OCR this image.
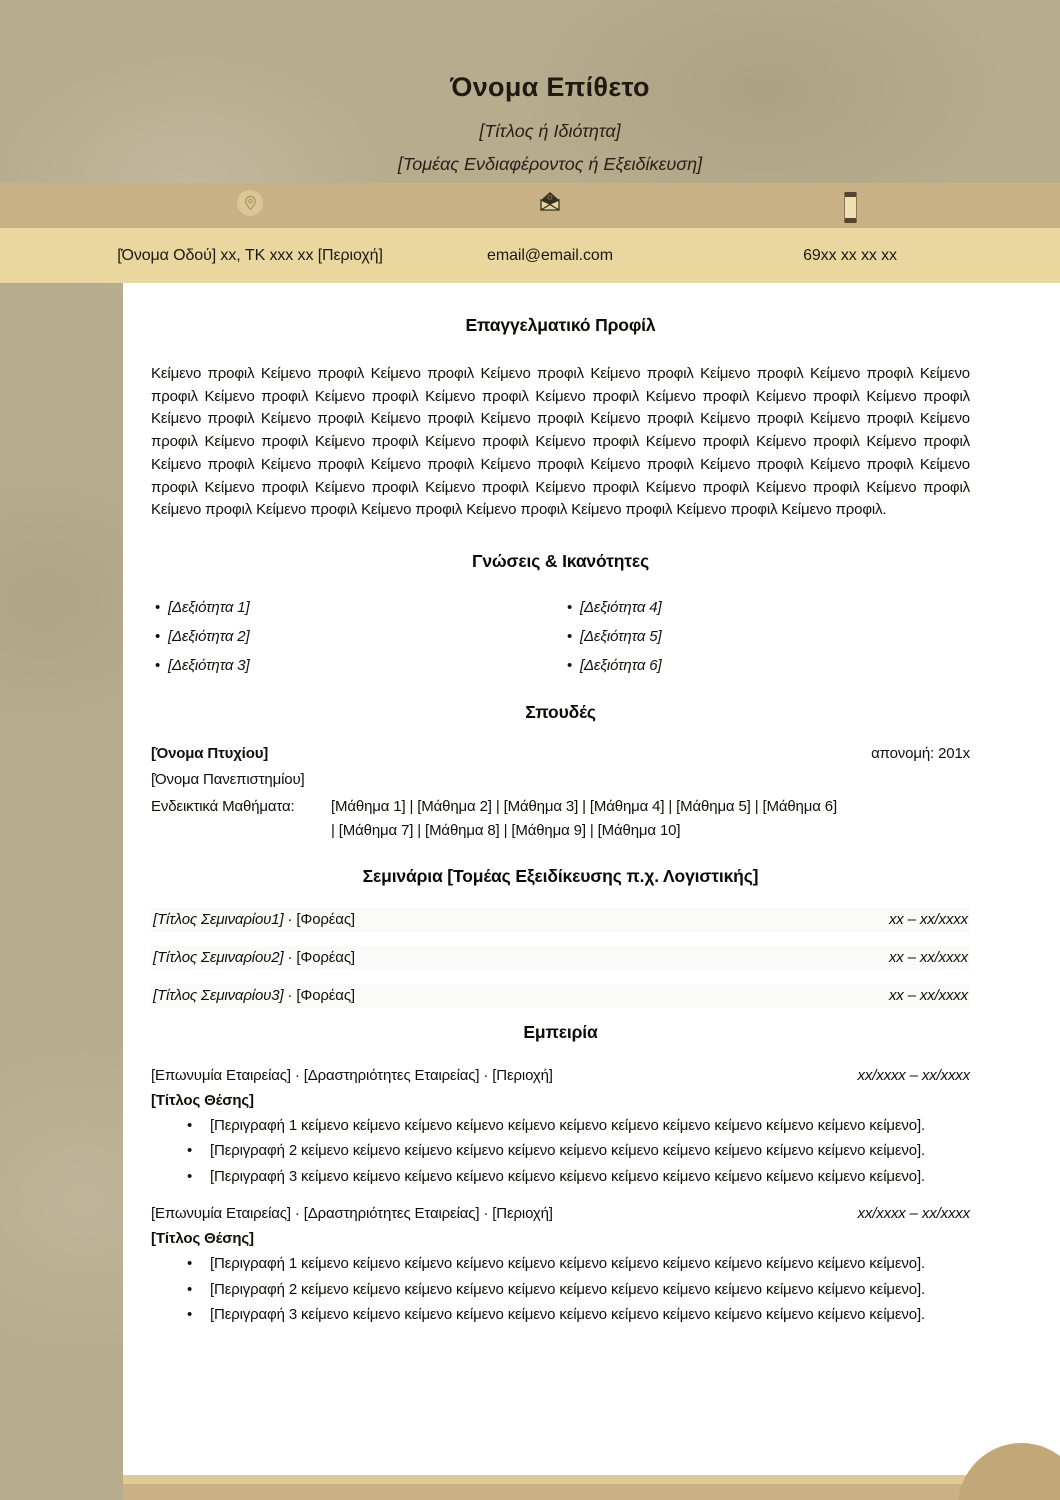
Όνομα Επίθετο

[Τίτλος ή Ιδιότητα]

[Τομέας Ενδιαφέροντος ή Εξειδίκευση]

[Όνομα Οδού] xx, ΤΚ xxx xx [Περιοχή]	email@email.com	69xx xx xx xx
Επαγγελματικό Προφίλ

Κείμενο προφιλ Κείμενο προφιλ Κείμενο προφιλ Κείμενο προφιλ Κείμενο προφιλ Κείμενο προφιλ Κείμενο προφιλ Κείμενο προφιλ Κείμενο προφιλ Κείμενο προφιλ Κείμενο προφιλ Κείμενο προφιλ Κείμενο προφιλ Κείμενο προφιλ Κείμενο προφιλ Κείμενο προφιλ Κείμενο προφιλ Κείμενο προφιλ Κείμενο προφιλ Κείμενο προφιλ Κείμενο προφιλ Κείμενο προφιλ Κείμενο προφιλ Κείμενο προφιλ Κείμενο προφιλ Κείμενο προφιλ Κείμενο προφιλ Κείμενο προφιλ Κείμενο προφιλ Κείμενο προφιλ Κείμενο προφιλ Κείμενο προφιλ Κείμενο προφιλ Κείμενο προφιλ Κείμενο προφιλ Κείμενο προφιλ Κείμενο προφιλ Κείμενο προφιλ Κείμενο προφιλ Κείμενο προφιλ Κείμενο προφιλ Κείμενο προφιλ Κείμενο προφιλ Κείμενο προφιλ Κείμενο προφιλ Κείμενο προφιλ Κείμενο προφιλ Κείμενο προφιλ Κείμενο προφιλ Κείμενο προφιλ Κείμενο προφιλ Κείμενο προφιλ.

Γνώσεις & Ικανότητες
• [Δεξιότητα 1]
• [Δεξιότητα 2]
• [Δεξιότητα 3]
• [Δεξιότητα 4]
• [Δεξιότητα 5]
• [Δεξιότητα 6]
Σπουδές
[Όνομα Πτυχίου]	απονομή: 201x
[Όνομα Πανεπιστημίου]
Ενδεικτικά Μαθήματα:	[Μάθημα 1] | [Μάθημα 2] | [Μάθημα 3] | [Μάθημα 4] | [Μάθημα 5] | [Μάθημα 6]
| [Μάθημα 7] | [Μάθημα 8] | [Μάθημα 9] | [Μάθημα 10]
Σεμινάρια [Τομέας Εξειδίκευσης π.χ. Λογιστικής]
[Τίτλος Σεμιναρίου1] · [Φορέας]	xx – xx/xxxx
[Τίτλος Σεμιναρίου2] · [Φορέας]	xx – xx/xxxx
[Τίτλος Σεμιναρίου3] · [Φορέας]	xx – xx/xxxx
Εμπειρία
[Επωνυμία Εταιρείας] · [Δραστηριότητες Εταιρείας] · [Περιοχή]	xx/xxxx – xx/xxxx
[Τίτλος Θέσης]
• [Περιγραφή 1 κείμενο κείμενο κείμενο κείμενο κείμενο κείμενο κείμενο κείμενο κείμενο κείμενο κείμενο κείμενο].
• [Περιγραφή 2 κείμενο κείμενο κείμενο κείμενο κείμενο κείμενο κείμενο κείμενο κείμενο κείμενο κείμενο κείμενο].
• [Περιγραφή 3 κείμενο κείμενο κείμενο κείμενο κείμενο κείμενο κείμενο κείμενο κείμενο κείμενο κείμενο κείμενο].
[Επωνυμία Εταιρείας] · [Δραστηριότητες Εταιρείας] · [Περιοχή]	xx/xxxx – xx/xxxx
[Τίτλος Θέσης]
• [Περιγραφή 1 κείμενο κείμενο κείμενο κείμενο κείμενο κείμενο κείμενο κείμενο κείμενο κείμενο κείμενο κείμενο].
• [Περιγραφή 2 κείμενο κείμενο κείμενο κείμενο κείμενο κείμενο κείμενο κείμενο κείμενο κείμενο κείμενο κείμενο].
• [Περιγραφή 3 κείμενο κείμενο κείμενο κείμενο κείμενο κείμενο κείμενο κείμενο κείμενο κείμενο κείμενο κείμενο].
